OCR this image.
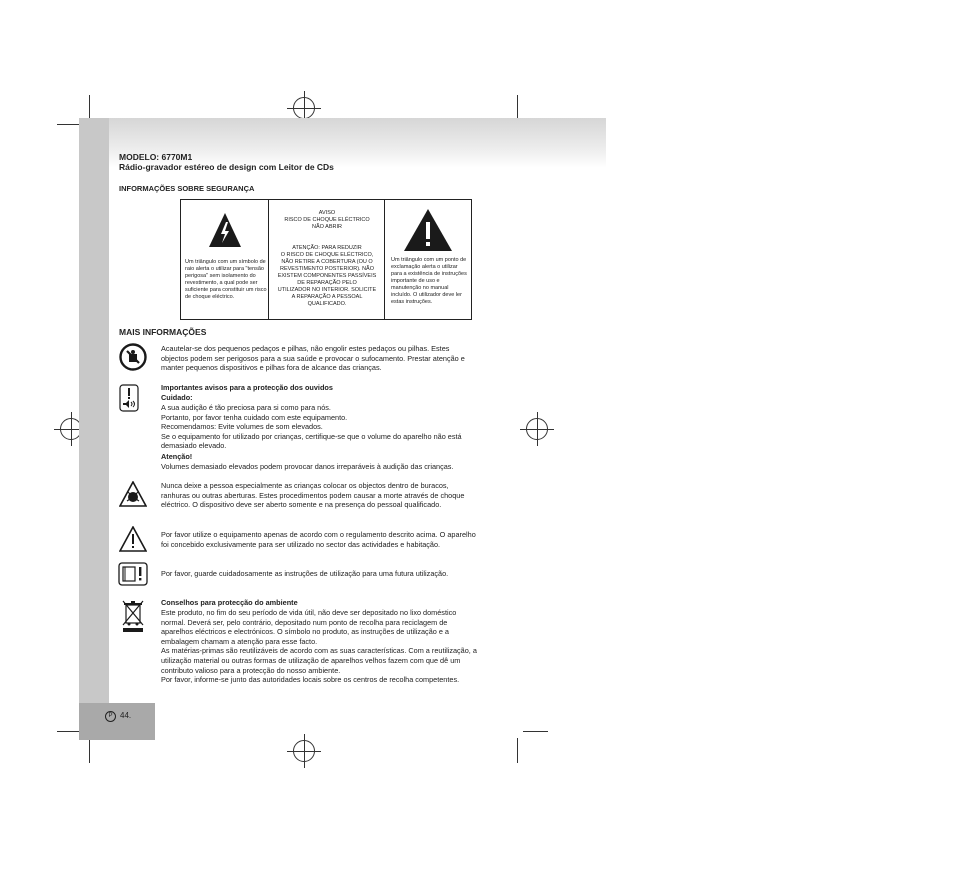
P 44.
MODELO: 6770M1
Rádio-gravador estéreo de design com Leitor de CDs
INFORMAÇÕES SOBRE SEGURANÇA
Um triângulo com um símbolo de raio alerta o utilizar para "tensão perigosa" sem isolamento do revestimento, a qual pode ser suficiente para constituir um risco de choque eléctrico.
AVISO
RISCO DE CHOQUE ELÉCTRICO
NÃO ABRIR
ATENÇÃO: PARA REDUZIR
O RISCO DE CHOQUE ELÉCTRICO,
NÃO RETIRE A COBERTURA (OU O
REVESTIMENTO POSTERIOR). NÃO
EXISTEM COMPONENTES PASSÍVEIS
DE REPARAÇÃO PELO
UTILIZADOR NO INTERIOR. SOLICITE
A REPARAÇÃO A PESSOAL
QUALIFICADO.
Um triângulo com um ponto de exclamação alerta o utilizar para a existência de instruções importante de uso e manutenção no manual incluído. O utilizador deve ler estas instruções.
MAIS INFORMAÇÕES
Acautelar-se dos pequenos pedaços e pilhas, não engolir estes pedaços ou pilhas. Estes
objectos podem ser perigosos para a sua saúde e provocar o sufocamento. Prestar atenção e
manter pequenos dispositivos e pilhas fora de alcance das crianças.
Importantes avisos para a protecção dos ouvidos
Cuidado:
A sua audição é tão preciosa para si como para nós.
Portanto, por favor tenha cuidado com este equipamento.
Recomendamos: Evite volumes de som elevados.
Se o equipamento for utilizado por crianças, certifique-se que o volume do aparelho não está
demasiado elevado.
Atenção!
Volumes demasiado elevados podem provocar danos irreparáveis à audição das crianças.
Nunca deixe a pessoa especialmente as crianças colocar os objectos dentro de buracos,
ranhuras ou outras aberturas. Estes procedimentos podem causar a morte através de choque
eléctrico. O dispositivo deve ser aberto somente e na presença do pessoal qualificado.
Por favor utilize o equipamento apenas de acordo com o regulamento descrito acima. O aparelho
foi concebido exclusivamente para ser utilizado no sector das actividades e habitação.
Por favor, guarde cuidadosamente as instruções de utilização para uma futura utilização.
Conselhos para protecção do ambiente
Este produto, no fim do seu período de vida útil, não deve ser depositado no lixo doméstico
normal. Deverá ser, pelo contrário, depositado num ponto de recolha para reciclagem de
aparelhos eléctricos e electrónicos. O símbolo no produto, as instruções de utilização e a
embalagem chamam a atenção para esse facto.
As matérias-primas são reutilizáveis de acordo com as suas características. Com a reutilização, a
utilização material ou outras formas de utilização de aparelhos velhos fazem com que dê um
contributo valioso para a protecção do nosso ambiente.
Por favor, informe-se junto das autoridades locais sobre os centros de recolha competentes.
